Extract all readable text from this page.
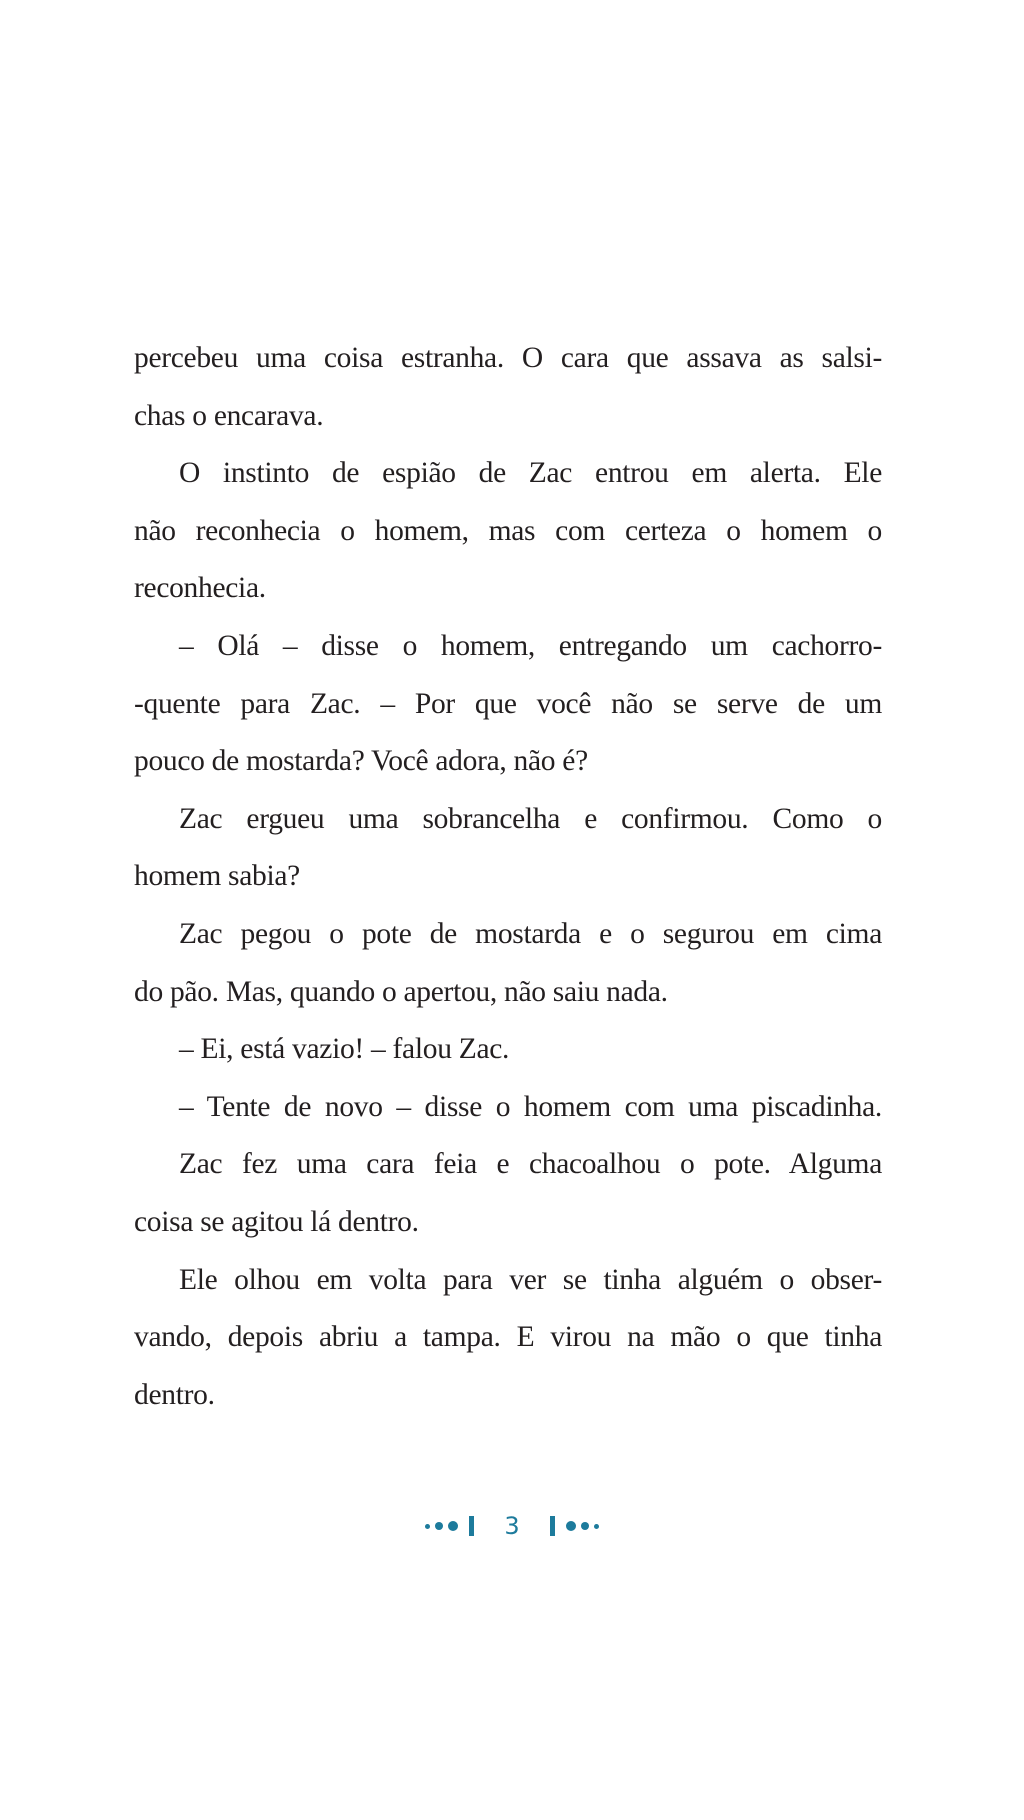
percebeu uma coisa estranha. O cara que assava as salsi-
chas o encarava.
O instinto de espião de Zac entrou em alerta. Ele
não reconhecia o homem, mas com certeza o homem o
reconhecia.
– Olá – disse o homem, entregando um cachorro-
-quente para Zac. – Por que você não se serve de um
pouco de mostarda? Você adora, não é?
Zac ergueu uma sobrancelha e confirmou. Como o
homem sabia?
Zac pegou o pote de mostarda e o segurou em cima
do pão. Mas, quando o apertou, não saiu nada.
– Ei, está vazio! – falou Zac.
– Tente de novo – disse o homem com uma piscadinha.
Zac fez uma cara feia e chacoalhou o pote. Alguma
coisa se agitou lá dentro.
Ele olhou em volta para ver se tinha alguém o obser-
vando, depois abriu a tampa. E virou na mão o que tinha
dentro.
3
